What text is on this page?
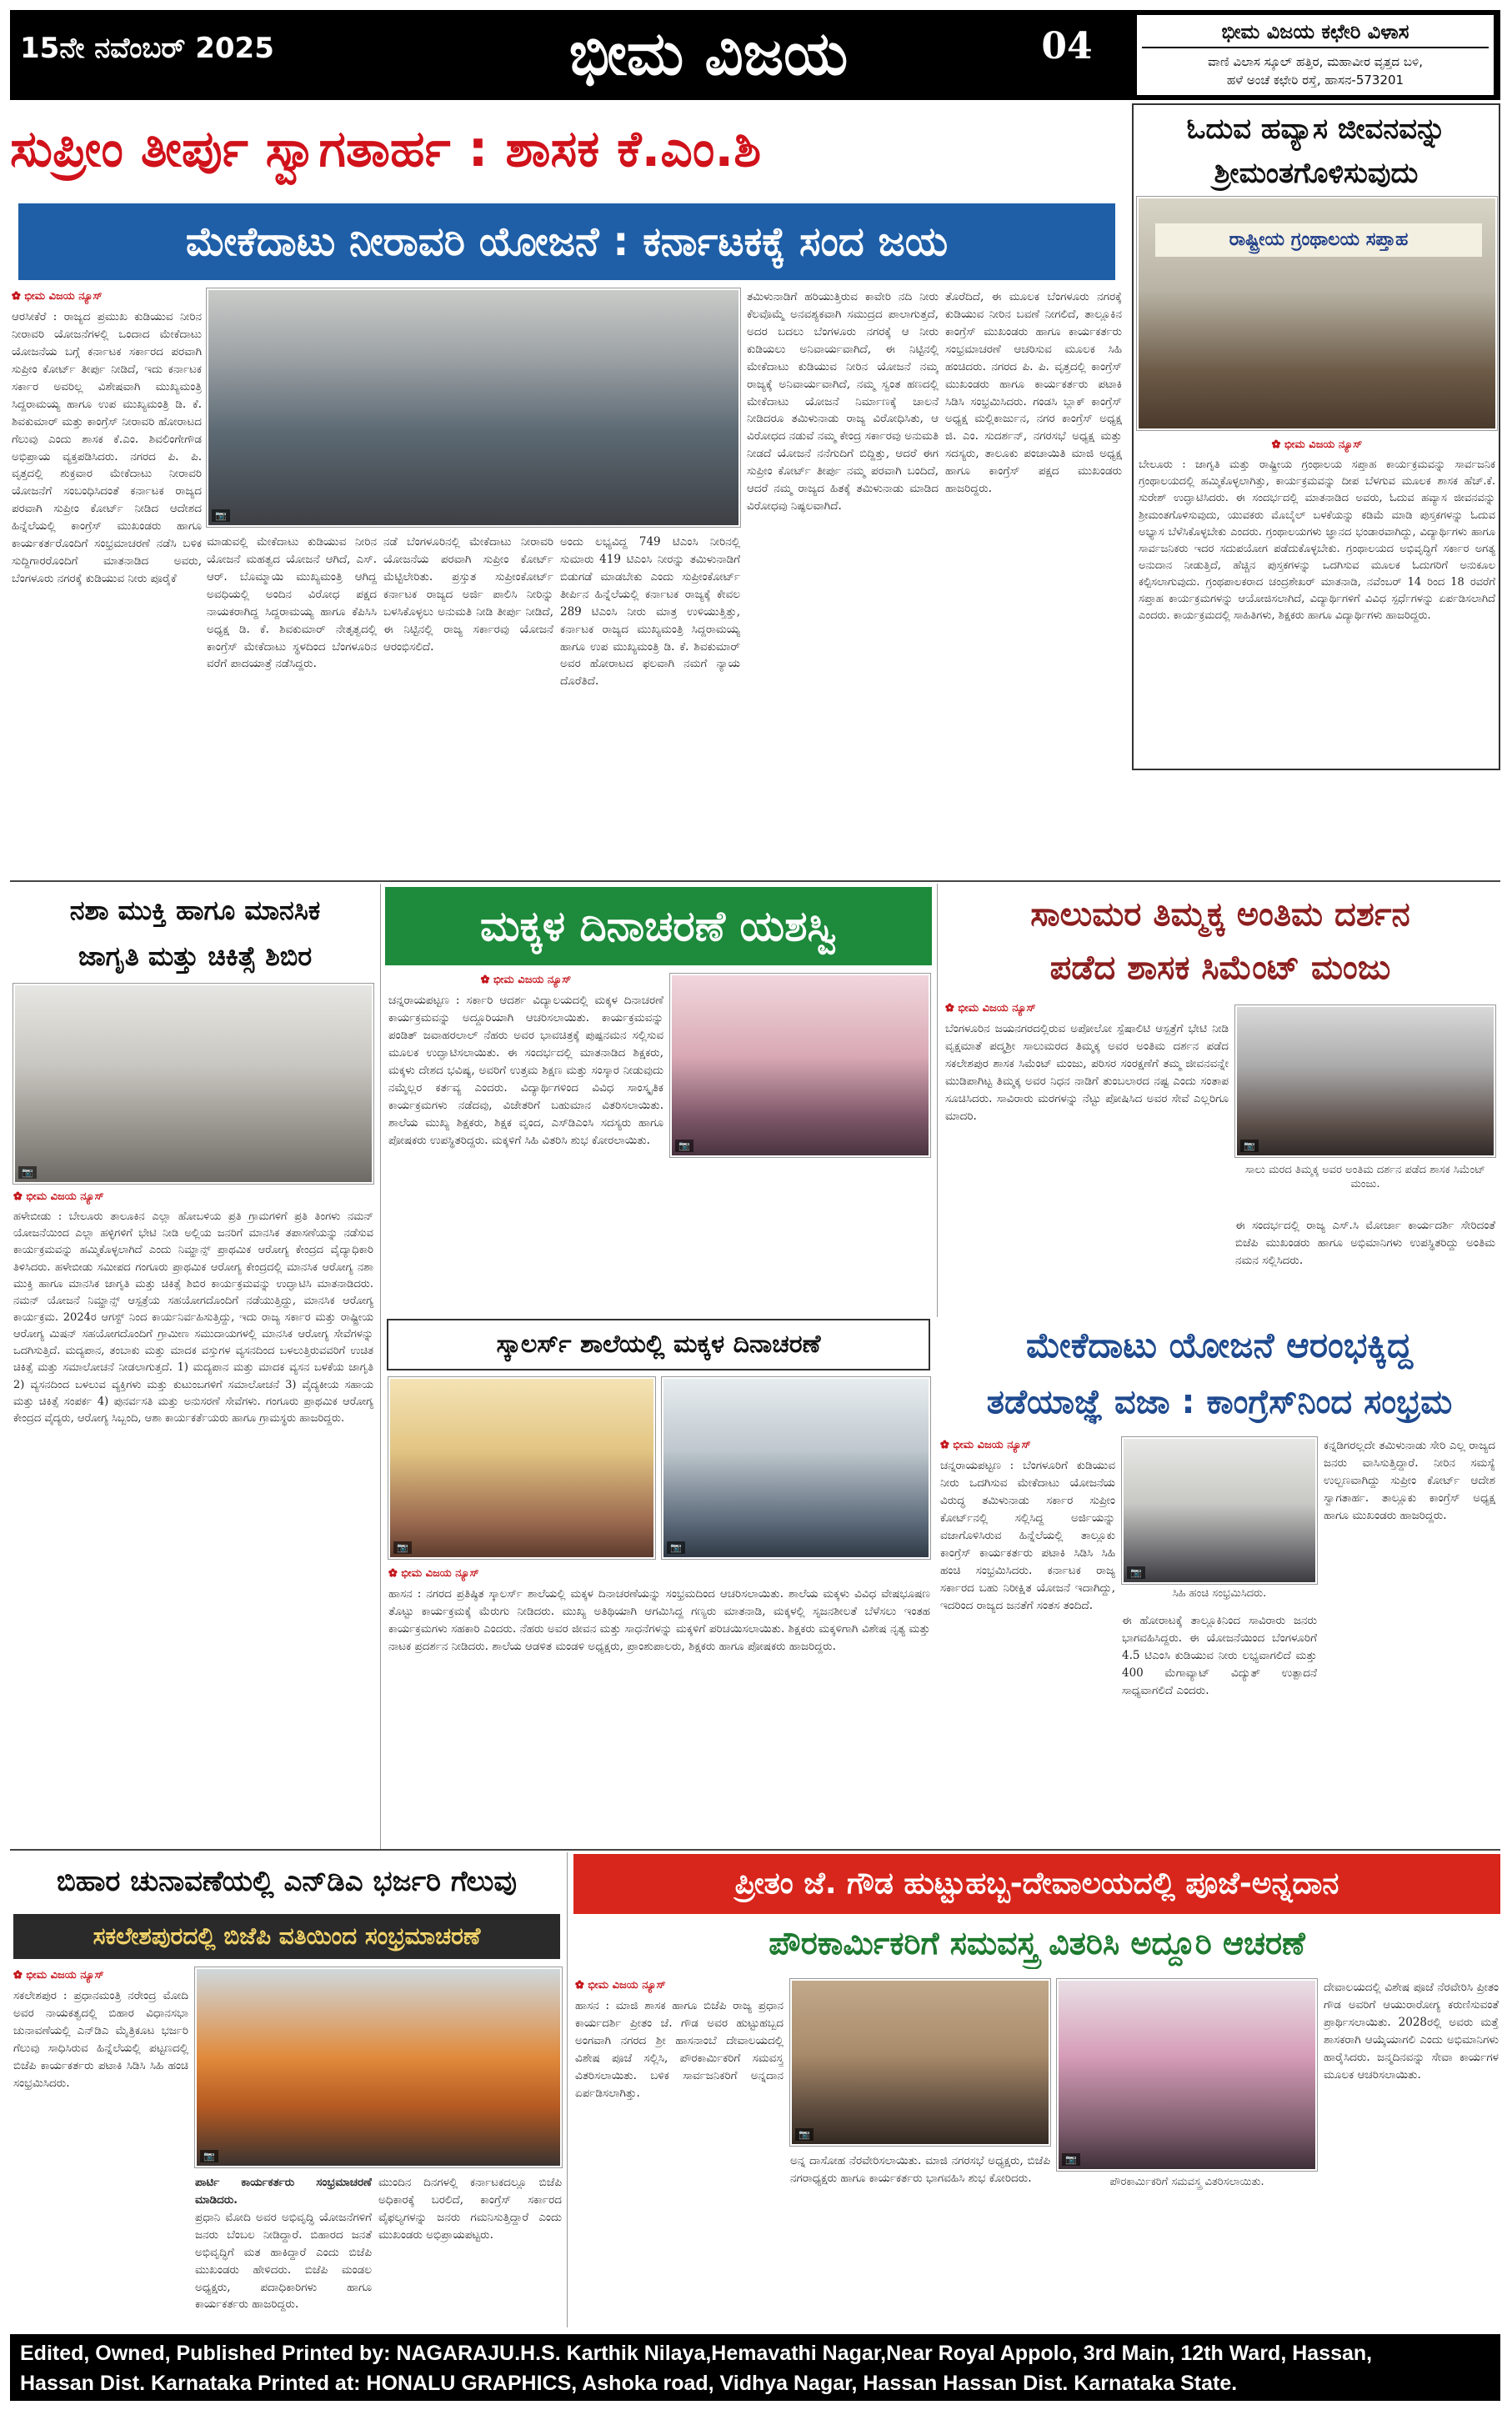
15ನೇ ನವೆಂಬರ್ 2025	ಭೀಮ ವಿಜಯ	04	ಭೀಮ ವಿಜಯ ಕಛೇರಿ ವಿಳಾಸ
ವಾಣಿ ವಿಲಾಸ ಸ್ಕೂಲ್ ಹತ್ತಿರ, ಮಹಾವೀರ ವೃತ್ತದ ಬಳಿ,
ಹಳೆ ಅಂಚೆ ಕಛೇರಿ ರಸ್ತೆ, ಹಾಸನ-573201
ಸುಪ್ರೀಂ ತೀರ್ಪು ಸ್ವಾಗತಾರ್ಹ : ಶಾಸಕ ಕೆ.ಎಂ.ಶಿ
ಮೇಕೆದಾಟು ನೀರಾವರಿ ಯೋಜನೆ : ಕರ್ನಾಟಕಕ್ಕೆ ಸಂದ ಜಯ
✿ ಭೀಮ ವಿಜಯ ನ್ಯೂಸ್
ಆರಸೀಕೆರೆ : ರಾಜ್ಯದ ಪ್ರಮುಖ ಕುಡಿಯುವ ನೀರಿನ ನೀರಾವರಿ ಯೋಜನೆಗಳಲ್ಲಿ ಒಂದಾದ ಮೇಕೆದಾಟು ಯೋಜನೆಯ ಬಗ್ಗೆ ಕರ್ನಾಟಕ ಸರ್ಕಾರದ ಪರವಾಗಿ ಸುಪ್ರೀಂ ಕೋರ್ಟ್ ತೀರ್ಪು ನೀಡಿದೆ, ಇದು ಕರ್ನಾಟಕ ಸರ್ಕಾರ ಅವರಿಲ್ಲ ವಿಶೇಷವಾಗಿ ಮುಖ್ಯಮಂತ್ರಿ ಸಿದ್ದರಾಮಯ್ಯ ಹಾಗೂ ಉಪ ಮುಖ್ಯಮಂತ್ರಿ ಡಿ. ಕೆ. ಶಿವಕುಮಾರ್ ಮತ್ತು ಕಾಂಗ್ರೆಸ್ ನೀರಾವರಿ ಹೋರಾಟದ ಗೆಲುವು ಎಂದು ಶಾಸಕ ಕೆ.ಎಂ. ಶಿವಲಿಂಗೇಗೌಡ ಅಭಿಪ್ರಾಯ ವ್ಯಕ್ತಪಡಿಸಿದರು. ನಗರದ ಪಿ. ಪಿ. ವೃತ್ತದಲ್ಲಿ ಶುಕ್ರವಾರ ಮೇಕೆದಾಟು ನೀರಾವರಿ ಯೋಜನೆಗೆ ಸಂಬಂಧಿಸಿದಂತೆ ಕರ್ನಾಟಕ ರಾಜ್ಯದ ಪರವಾಗಿ ಸುಪ್ರೀಂ ಕೋರ್ಟ್ ನೀಡಿದ ಆದೇಶದ ಹಿನ್ನೆಲೆಯಲ್ಲಿ ಕಾಂಗ್ರೆಸ್ ಮುಖಂಡರು ಹಾಗೂ ಕಾರ್ಯಕರ್ತರೊಂದಿಗೆ ಸಂಭ್ರಮಾಚರಣೆ ನಡೆಸಿ ಬಳಿಕ ಸುದ್ದಿಗಾರರೊಂದಿಗೆ ಮಾತನಾಡಿದ ಅವರು, ಬೆಂಗಳೂರು ನಗರಕ್ಕೆ ಕುಡಿಯುವ ನೀರು ಪೂರೈಕೆ
📷
ತಮಿಳುನಾಡಿಗೆ ಹರಿಯುತ್ತಿರುವ ಕಾವೇರಿ ನದಿ ನೀರು ಕೆಲವೊಮ್ಮೆ ಅನವಶ್ಯಕವಾಗಿ ಸಮುದ್ರದ ಪಾಲಾಗುತ್ತದೆ, ಅದರ ಬದಲು ಬೆಂಗಳೂರು ನಗರಕ್ಕೆ ಆ ನೀರು ಕುಡಿಯಲು ಅನಿವಾರ್ಯವಾಗಿದೆ, ಈ ನಿಟ್ಟಿನಲ್ಲಿ ಮೇಕೆದಾಟು ಕುಡಿಯುವ ನೀರಿನ ಯೋಜನೆ ನಮ್ಮ ರಾಜ್ಯಕ್ಕೆ ಅನಿವಾರ್ಯವಾಗಿದೆ, ನಮ್ಮ ಸ್ವಂತ ಹಣದಲ್ಲಿ ಮೇಕೆದಾಟು ಯೋಜನೆ ನಿರ್ಮಾಣಕ್ಕೆ ಚಾಲನೆ ನೀಡಿದರೂ ತಮಿಳುನಾಡು ರಾಜ್ಯ ವಿರೋಧಿಸಿತು, ಆ ವಿರೋಧದ ನಡುವೆ ನಮ್ಮ ಕೇಂದ್ರ ಸರ್ಕಾರವು ಅನುಮತಿ ನೀಡದೆ ಯೋಜನೆ ನನೆಗುದಿಗೆ ಬಿದ್ದಿತ್ತು, ಆದರೆ ಈಗ ಸುಪ್ರೀಂ ಕೋರ್ಟ್ ತೀರ್ಪು ನಮ್ಮ ಪರವಾಗಿ ಬಂದಿದೆ, ಆದರೆ ನಮ್ಮ ರಾಜ್ಯದ ಹಿತಕ್ಕೆ ತಮಿಳುನಾಡು ಮಾಡಿದ ವಿರೋಧವು ನಿಷ್ಫಲವಾಗಿದೆ.
ತೊರೆದಿದೆ, ಈ ಮೂಲಕ ಬೆಂಗಳೂರು ನಗರಕ್ಕೆ ಕುಡಿಯುವ ನೀರಿನ ಬವಣೆ ನೀಗಲಿದೆ, ತಾಲ್ಲೂಕಿನ ಕಾಂಗ್ರೆಸ್ ಮುಖಂಡರು ಹಾಗೂ ಕಾರ್ಯಕರ್ತರು ಸಂಭ್ರಮಾಚರಣೆ ಆಚರಿಸುವ ಮೂಲಕ ಸಿಹಿ ಹಂಚಿದರು. ನಗರದ ಪಿ. ಪಿ. ವೃತ್ತದಲ್ಲಿ ಕಾಂಗ್ರೆಸ್ ಮುಖಂಡರು ಹಾಗೂ ಕಾರ್ಯಕರ್ತರು ಪಟಾಕಿ ಸಿಡಿಸಿ ಸಂಭ್ರಮಿಸಿದರು. ಗಂಡಸಿ ಬ್ಲಾಕ್ ಕಾಂಗ್ರೆಸ್ ಅಧ್ಯಕ್ಷ ಮಲ್ಲಿಕಾರ್ಜುನ, ನಗರ ಕಾಂಗ್ರೆಸ್ ಅಧ್ಯಕ್ಷ ಜಿ. ಎಂ. ಸುದರ್ಶನ್, ನಗರಸಭೆ ಅಧ್ಯಕ್ಷ ಮತ್ತು ಸದಸ್ಯರು, ತಾಲೂಕು ಪಂಚಾಯಿತಿ ಮಾಜಿ ಅಧ್ಯಕ್ಷ ಹಾಗೂ ಕಾಂಗ್ರೆಸ್ ಪಕ್ಷದ ಮುಖಂಡರು ಹಾಜರಿದ್ದರು.
ಮಾಡುವಲ್ಲಿ ಮೇಕೆದಾಟು ಕುಡಿಯುವ ನೀರಿನ ಯೋಜನೆ ಮಹತ್ವದ ಯೋಜನೆ ಆಗಿದೆ, ಎಸ್. ಆರ್. ಬೊಮ್ಮಾಯಿ ಮುಖ್ಯಮಂತ್ರಿ ಆಗಿದ್ದ ಅವಧಿಯಲ್ಲಿ ಅಂದಿನ ವಿರೋಧ ಪಕ್ಷದ ನಾಯಕರಾಗಿದ್ದ ಸಿದ್ದರಾಮಯ್ಯ ಹಾಗೂ ಕೆಪಿಸಿಸಿ ಅಧ್ಯಕ್ಷ ಡಿ. ಕೆ. ಶಿವಕುಮಾರ್ ನೇತೃತ್ವದಲ್ಲಿ ಕಾಂಗ್ರೆಸ್ ಮೇಕೆದಾಟು ಸ್ಥಳದಿಂದ ಬೆಂಗಳೂರಿನ ವರೆಗೆ ಪಾದಯಾತ್ರೆ ನಡೆಸಿದ್ದರು.
ನಡೆ ಬೆಂಗಳೂರಿನಲ್ಲಿ ಮೇಕೆದಾಟು ನೀರಾವರಿ ಯೋಜನೆಯ ಪರವಾಗಿ ಸುಪ್ರೀಂ ಕೋರ್ಟ್ ಮೆಟ್ಟಿಲೇರಿತು. ಪ್ರಸ್ತುತ ಸುಪ್ರೀಂಕೋರ್ಟ್ ಕರ್ನಾಟಕ ರಾಜ್ಯದ ಅರ್ಜಿ ಪಾಲಿಸಿ ನೀರಿನ್ನು ಬಳಸಿಕೊಳ್ಳಲು ಅನುಮತಿ ನೀಡಿ ತೀರ್ಪು ನೀಡಿದೆ, ಈ ನಿಟ್ಟಿನಲ್ಲಿ ರಾಜ್ಯ ಸರ್ಕಾರವು ಯೋಜನೆ ಆರಂಭಿಸಲಿದೆ.
ಅಂದು ಲಭ್ಯವಿದ್ದ 749 ಟಿಎಂಸಿ ನೀರಿನಲ್ಲಿ ಸುಮಾರು 419 ಟಿಎಂಸಿ ನೀರನ್ನು ತಮಿಳುನಾಡಿಗೆ ಬಿಡುಗಡೆ ಮಾಡಬೇಕು ಎಂದು ಸುಪ್ರೀಂಕೋರ್ಟ್ ತೀರ್ಪಿನ ಹಿನ್ನೆಲೆಯಲ್ಲಿ ಕರ್ನಾಟಕ ರಾಜ್ಯಕ್ಕೆ ಕೇವಲ 289 ಟಿಎಂಸಿ ನೀರು ಮಾತ್ರ ಉಳಿಯುತ್ತಿತ್ತು, ಕರ್ನಾಟಕ ರಾಜ್ಯದ ಮುಖ್ಯಮಂತ್ರಿ ಸಿದ್ದರಾಮಯ್ಯ ಹಾಗೂ ಉಪ ಮುಖ್ಯಮಂತ್ರಿ ಡಿ. ಕೆ. ಶಿವಕುಮಾರ್ ಅವರ ಹೋರಾಟದ ಫಲವಾಗಿ ನಮಗೆ ನ್ಯಾಯ ದೊರೆತಿದೆ.
ಓದುವ ಹವ್ಯಾಸ ಜೀವನವನ್ನು
ಶ್ರೀಮಂತಗೊಳಿಸುವುದು
ರಾಷ್ಟ್ರೀಯ ಗ್ರಂಥಾಲಯ ಸಪ್ತಾಹ
✿ ಭೀಮ ವಿಜಯ ನ್ಯೂಸ್
ಬೇಲೂರು : ಜಾಗೃತಿ ಮತ್ತು ರಾಷ್ಟ್ರೀಯ ಗ್ರಂಥಾಲಯ ಸಪ್ತಾಹ ಕಾರ್ಯಕ್ರಮವನ್ನು ಸಾರ್ವಜನಿಕ ಗ್ರಂಥಾಲಯದಲ್ಲಿ ಹಮ್ಮಿಕೊಳ್ಳಲಾಗಿತ್ತು, ಕಾರ್ಯಕ್ರಮವನ್ನು ದೀಪ ಬೆಳಗುವ ಮೂಲಕ ಶಾಸಕ ಹೆಚ್.ಕೆ. ಸುರೇಶ್ ಉದ್ಘಾಟಿಸಿದರು. ಈ ಸಂದರ್ಭದಲ್ಲಿ ಮಾತನಾಡಿದ ಅವರು, ಓದುವ ಹವ್ಯಾಸ ಜೀವನವನ್ನು ಶ್ರೀಮಂತಗೊಳಿಸುವುದು, ಯುವಕರು ಮೊಬೈಲ್ ಬಳಕೆಯನ್ನು ಕಡಿಮೆ ಮಾಡಿ ಪುಸ್ತಕಗಳನ್ನು ಓದುವ ಅಭ್ಯಾಸ ಬೆಳೆಸಿಕೊಳ್ಳಬೇಕು ಎಂದರು. ಗ್ರಂಥಾಲಯಗಳು ಜ್ಞಾನದ ಭಂಡಾರವಾಗಿದ್ದು, ವಿದ್ಯಾರ್ಥಿಗಳು ಹಾಗೂ ಸಾರ್ವಜನಿಕರು ಇದರ ಸದುಪಯೋಗ ಪಡೆದುಕೊಳ್ಳಬೇಕು. ಗ್ರಂಥಾಲಯದ ಅಭಿವೃದ್ಧಿಗೆ ಸರ್ಕಾರ ಅಗತ್ಯ ಅನುದಾನ ನೀಡುತ್ತಿದೆ, ಹೆಚ್ಚಿನ ಪುಸ್ತಕಗಳನ್ನು ಒದಗಿಸುವ ಮೂಲಕ ಓದುಗರಿಗೆ ಅನುಕೂಲ ಕಲ್ಪಿಸಲಾಗುವುದು. ಗ್ರಂಥಪಾಲಕರಾದ ಚಂದ್ರಶೇಖರ್ ಮಾತನಾಡಿ, ನವೆಂಬರ್ 14 ರಿಂದ 18 ರವರೆಗೆ ಸಪ್ತಾಹ ಕಾರ್ಯಕ್ರಮಗಳನ್ನು ಆಯೋಜಿಸಲಾಗಿದೆ, ವಿದ್ಯಾರ್ಥಿಗಳಿಗೆ ವಿವಿಧ ಸ್ಪರ್ಧೆಗಳನ್ನು ಏರ್ಪಡಿಸಲಾಗಿದೆ ಎಂದರು. ಕಾರ್ಯಕ್ರಮದಲ್ಲಿ ಸಾಹಿತಿಗಳು, ಶಿಕ್ಷಕರು ಹಾಗೂ ವಿದ್ಯಾರ್ಥಿಗಳು ಹಾಜರಿದ್ದರು.
ನಶಾ ಮುಕ್ತಿ ಹಾಗೂ ಮಾನಸಿಕ
ಜಾಗೃತಿ ಮತ್ತು ಚಿಕಿತ್ಸೆ ಶಿಬಿರ
📷
✿ ಭೀಮ ವಿಜಯ ನ್ಯೂಸ್
ಹಳೇಬೀಡು : ಬೇಲೂರು ತಾಲೂಕಿನ ಎಲ್ಲಾ ಹೋಬಳಿಯ ಪ್ರತಿ ಗ್ರಾಮಗಳಿಗೆ ಪ್ರತಿ ತಿಂಗಳು ನಮನ್ ಯೋಜನೆಯಿಂದ ಎಲ್ಲಾ ಹಳ್ಳಿಗಳಿಗೆ ಭೇಟಿ ನೀಡಿ ಅಲ್ಲಿಯ ಜನರಿಗೆ ಮಾನಸಿಕ ತಪಾಸಣೆಯನ್ನು ನಡೆಸುವ ಕಾರ್ಯಕ್ರಮವನ್ನು ಹಮ್ಮಿಕೊಳ್ಳಲಾಗಿದೆ ಎಂದು ನಿಮ್ಹಾನ್ಸ್ ಪ್ರಾಥಮಿಕ ಆರೋಗ್ಯ ಕೇಂದ್ರದ ವೈದ್ಯಾಧಿಕಾರಿ ತಿಳಿಸಿದರು. ಹಳೇಬೀಡು ಸಮೀಪದ ಗಂಗೂರು ಪ್ರಾಥಮಿಕ ಆರೋಗ್ಯ ಕೇಂದ್ರದಲ್ಲಿ ಮಾನಸಿಕ ಆರೋಗ್ಯ ನಶಾ ಮುಕ್ತಿ ಹಾಗೂ ಮಾನಸಿಕ ಜಾಗೃತಿ ಮತ್ತು ಚಿಕಿತ್ಸೆ ಶಿಬಿರ ಕಾರ್ಯಕ್ರಮವನ್ನು ಉದ್ಘಾಟಿಸಿ ಮಾತನಾಡಿದರು. ನಮನ್ ಯೋಜನೆ ನಿಮ್ಹಾನ್ಸ್ ಆಸ್ಪತ್ರೆಯ ಸಹಯೋಗದೊಂದಿಗೆ ನಡೆಯುತ್ತಿದ್ದು, ಮಾನಸಿಕ ಆರೋಗ್ಯ ಕಾರ್ಯಕ್ರಮ. 2024ರ ಆಗಸ್ಟ್ ನಿಂದ ಕಾರ್ಯನಿರ್ವಹಿಸುತ್ತಿದ್ದು, ಇದು ರಾಜ್ಯ ಸರ್ಕಾರ ಮತ್ತು ರಾಷ್ಟ್ರೀಯ ಆರೋಗ್ಯ ಮಿಷನ್ ಸಹಯೋಗದೊಂದಿಗೆ ಗ್ರಾಮೀಣ ಸಮುದಾಯಗಳಲ್ಲಿ ಮಾನಸಿಕ ಆರೋಗ್ಯ ಸೇವೆಗಳನ್ನು ಒದಗಿಸುತ್ತಿದೆ. ಮದ್ಯಪಾನ, ತಂಬಾಕು ಮತ್ತು ಮಾದಕ ವಸ್ತುಗಳ ವ್ಯಸನದಿಂದ ಬಳಲುತ್ತಿರುವವರಿಗೆ ಉಚಿತ ಚಿಕಿತ್ಸೆ ಮತ್ತು ಸಮಾಲೋಚನೆ ನೀಡಲಾಗುತ್ತದೆ. 1) ಮದ್ಯಪಾನ ಮತ್ತು ಮಾದಕ ವ್ಯಸನ ಬಳಕೆಯ ಜಾಗೃತಿ 2) ವ್ಯಸನದಿಂದ ಬಳಲುವ ವ್ಯಕ್ತಿಗಳು ಮತ್ತು ಕುಟುಂಬಗಳಿಗೆ ಸಮಾಲೋಚನೆ 3) ವೈದ್ಯಕೀಯ ಸಹಾಯ ಮತ್ತು ಚಿಕಿತ್ಸೆ ಸಂಪರ್ಕ 4) ಪುನರ್ವಸತಿ ಮತ್ತು ಅನುಸರಣೆ ಸೇವೆಗಳು. ಗಂಗೂರು ಪ್ರಾಥಮಿಕ ಆರೋಗ್ಯ ಕೇಂದ್ರದ ವೈದ್ಯರು, ಆರೋಗ್ಯ ಸಿಬ್ಬಂದಿ, ಆಶಾ ಕಾರ್ಯಕರ್ತೆಯರು ಹಾಗೂ ಗ್ರಾಮಸ್ಥರು ಹಾಜರಿದ್ದರು.
ಮಕ್ಕಳ ದಿನಾಚರಣೆ ಯಶಸ್ವಿ
✿ ಭೀಮ ವಿಜಯ ನ್ಯೂಸ್
ಚನ್ನರಾಯಪಟ್ಟಣ : ಸರ್ಕಾರಿ ಆದರ್ಶ ವಿದ್ಯಾಲಯದಲ್ಲಿ ಮಕ್ಕಳ ದಿನಾಚರಣೆ ಕಾರ್ಯಕ್ರಮವನ್ನು ಅದ್ದೂರಿಯಾಗಿ ಆಚರಿಸಲಾಯಿತು. ಕಾರ್ಯಕ್ರಮವನ್ನು ಪಂಡಿತ್ ಜವಾಹರಲಾಲ್ ನೆಹರು ಅವರ ಭಾವಚಿತ್ರಕ್ಕೆ ಪುಷ್ಪನಮನ ಸಲ್ಲಿಸುವ ಮೂಲಕ ಉದ್ಘಾಟಿಸಲಾಯಿತು. ಈ ಸಂದರ್ಭದಲ್ಲಿ ಮಾತನಾಡಿದ ಶಿಕ್ಷಕರು, ಮಕ್ಕಳು ದೇಶದ ಭವಿಷ್ಯ, ಅವರಿಗೆ ಉತ್ತಮ ಶಿಕ್ಷಣ ಮತ್ತು ಸಂಸ್ಕಾರ ನೀಡುವುದು ನಮ್ಮೆಲ್ಲರ ಕರ್ತವ್ಯ ಎಂದರು. ವಿದ್ಯಾರ್ಥಿಗಳಿಂದ ವಿವಿಧ ಸಾಂಸ್ಕೃತಿಕ ಕಾರ್ಯಕ್ರಮಗಳು ನಡೆದವು, ವಿಜೇತರಿಗೆ ಬಹುಮಾನ ವಿತರಿಸಲಾಯಿತು. ಶಾಲೆಯ ಮುಖ್ಯ ಶಿಕ್ಷಕರು, ಶಿಕ್ಷಕ ವೃಂದ, ಎಸ್‌ಡಿಎಂಸಿ ಸದಸ್ಯರು ಹಾಗೂ ಪೋಷಕರು ಉಪಸ್ಥಿತರಿದ್ದರು. ಮಕ್ಕಳಿಗೆ ಸಿಹಿ ವಿತರಿಸಿ ಶುಭ ಕೋರಲಾಯಿತು.	📷
ಸ್ಕಾಲರ್ಸ್ ಶಾಲೆಯಲ್ಲಿ ಮಕ್ಕಳ ದಿನಾಚರಣೆ
📷	📷
✿ ಭೀಮ ವಿಜಯ ನ್ಯೂಸ್
ಹಾಸನ : ನಗರದ ಪ್ರತಿಷ್ಠಿತ ಸ್ಕಾಲರ್ಸ್ ಶಾಲೆಯಲ್ಲಿ ಮಕ್ಕಳ ದಿನಾಚರಣೆಯನ್ನು ಸಂಭ್ರಮದಿಂದ ಆಚರಿಸಲಾಯಿತು. ಶಾಲೆಯ ಮಕ್ಕಳು ವಿವಿಧ ವೇಷಭೂಷಣ ತೊಟ್ಟು ಕಾರ್ಯಕ್ರಮಕ್ಕೆ ಮೆರುಗು ನೀಡಿದರು. ಮುಖ್ಯ ಅತಿಥಿಯಾಗಿ ಆಗಮಿಸಿದ್ದ ಗಣ್ಯರು ಮಾತನಾಡಿ, ಮಕ್ಕಳಲ್ಲಿ ಸೃಜನಶೀಲತೆ ಬೆಳೆಸಲು ಇಂತಹ ಕಾರ್ಯಕ್ರಮಗಳು ಸಹಕಾರಿ ಎಂದರು. ನೆಹರು ಅವರ ಜೀವನ ಮತ್ತು ಸಾಧನೆಗಳನ್ನು ಮಕ್ಕಳಿಗೆ ಪರಿಚಯಿಸಲಾಯಿತು. ಶಿಕ್ಷಕರು ಮಕ್ಕಳಿಗಾಗಿ ವಿಶೇಷ ನೃತ್ಯ ಮತ್ತು ನಾಟಕ ಪ್ರದರ್ಶನ ನೀಡಿದರು. ಶಾಲೆಯ ಆಡಳಿತ ಮಂಡಳಿ ಅಧ್ಯಕ್ಷರು, ಪ್ರಾಂಶುಪಾಲರು, ಶಿಕ್ಷಕರು ಹಾಗೂ ಪೋಷಕರು ಹಾಜರಿದ್ದರು.
ಸಾಲುಮರ ತಿಮ್ಮಕ್ಕ ಅಂತಿಮ ದರ್ಶನ
ಪಡೆದ ಶಾಸಕ ಸಿಮೆಂಟ್ ಮಂಜು
✿ ಭೀಮ ವಿಜಯ ನ್ಯೂಸ್
ಬೆಂಗಳೂರಿನ ಜಯನಗರದಲ್ಲಿರುವ ಅಪೋಲೋ ಸ್ಪೆಷಾಲಿಟಿ ಆಸ್ಪತ್ರೆಗೆ ಭೇಟಿ ನೀಡಿ ವೃಕ್ಷಮಾತೆ ಪದ್ಮಶ್ರೀ ಸಾಲುಮರದ ತಿಮ್ಮಕ್ಕ ಅವರ ಅಂತಿಮ ದರ್ಶನ ಪಡೆದ ಸಕಲೇಶಪುರ ಶಾಸಕ ಸಿಮೆಂಟ್ ಮಂಜು, ಪರಿಸರ ಸಂರಕ್ಷಣೆಗೆ ತಮ್ಮ ಜೀವನವನ್ನೇ ಮುಡಿಪಾಗಿಟ್ಟ ತಿಮ್ಮಕ್ಕ ಅವರ ನಿಧನ ನಾಡಿಗೆ ತುಂಬಲಾರದ ನಷ್ಟ ಎಂದು ಸಂತಾಪ ಸೂಚಿಸಿದರು. ಸಾವಿರಾರು ಮರಗಳನ್ನು ನೆಟ್ಟು ಪೋಷಿಸಿದ ಅವರ ಸೇವೆ ಎಲ್ಲರಿಗೂ ಮಾದರಿ.
📷
ಸಾಲು ಮರದ ತಿಮ್ಮಕ್ಕ ಅವರ ಅಂತಿಮ ದರ್ಶನ ಪಡೆದ ಶಾಸಕ ಸಿಮೆಂಟ್ ಮಂಜು.
ಈ ಸಂದರ್ಭದಲ್ಲಿ ರಾಜ್ಯ ಎಸ್.ಸಿ ಮೋರ್ಚಾ ಕಾರ್ಯದರ್ಶಿ ಸೇರಿದಂತೆ ಬಿಜೆಪಿ ಮುಖಂಡರು ಹಾಗೂ ಅಭಿಮಾನಿಗಳು ಉಪಸ್ಥಿತರಿದ್ದು ಅಂತಿಮ ನಮನ ಸಲ್ಲಿಸಿದರು.
ಮೇಕೆದಾಟು ಯೋಜನೆ ಆರಂಭಕ್ಕಿದ್ದ
ತಡೆಯಾಜ್ಞೆ ವಜಾ : ಕಾಂಗ್ರೆಸ್‌ನಿಂದ ಸಂಭ್ರಮ
✿ ಭೀಮ ವಿಜಯ ನ್ಯೂಸ್
ಚನ್ನರಾಯಪಟ್ಟಣ : ಬೆಂಗಳೂರಿಗೆ ಕುಡಿಯುವ ನೀರು ಒದಗಿಸುವ ಮೇಕೆದಾಟು ಯೋಜನೆಯ ವಿರುದ್ಧ ತಮಿಳುನಾಡು ಸರ್ಕಾರ ಸುಪ್ರೀಂ ಕೋರ್ಟ್‌ನಲ್ಲಿ ಸಲ್ಲಿಸಿದ್ದ ಅರ್ಜಿಯನ್ನು ವಜಾಗೊಳಿಸಿರುವ ಹಿನ್ನೆಲೆಯಲ್ಲಿ ತಾಲ್ಲೂಕು ಕಾಂಗ್ರೆಸ್ ಕಾರ್ಯಕರ್ತರು ಪಟಾಕಿ ಸಿಡಿಸಿ ಸಿಹಿ ಹಂಚಿ ಸಂಭ್ರಮಿಸಿದರು. ಕರ್ನಾಟಕ ರಾಜ್ಯ ಸರ್ಕಾರದ ಬಹು ನಿರೀಕ್ಷಿತ ಯೋಜನೆ ಇದಾಗಿದ್ದು, ಇದರಿಂದ ರಾಜ್ಯದ ಜನತೆಗೆ ಸಂತಸ ತಂದಿದೆ.
📷
ಸಿಹಿ ಹಂಚಿ ಸಂಭ್ರಮಿಸಿದರು.
ಈ ಹೋರಾಟಕ್ಕೆ ತಾಲ್ಲೂಕಿನಿಂದ ಸಾವಿರಾರು ಜನರು ಭಾಗವಹಿಸಿದ್ದರು. ಈ ಯೋಜನೆಯಿಂದ ಬೆಂಗಳೂರಿಗೆ 4.5 ಟಿಎಂಸಿ ಕುಡಿಯುವ ನೀರು ಲಭ್ಯವಾಗಲಿದೆ ಮತ್ತು 400 ಮೆಗಾವ್ಯಾಟ್ ವಿದ್ಯುತ್ ಉತ್ಪಾದನೆ ಸಾಧ್ಯವಾಗಲಿದೆ ಎಂದರು.
ಕನ್ನಡಿಗರಲ್ಲದೇ ತಮಿಳುನಾಡು ಸೇರಿ ಎಲ್ಲ ರಾಜ್ಯದ ಜನರು ವಾಸಿಸುತ್ತಿದ್ದಾರೆ. ನೀರಿನ ಸಮಸ್ಯೆ ಉಲ್ಬಣವಾಗಿದ್ದು ಸುಪ್ರೀಂ ಕೋರ್ಟ್ ಆದೇಶ ಸ್ವಾಗತಾರ್ಹ. ತಾಲ್ಲೂಕು ಕಾಂಗ್ರೆಸ್ ಅಧ್ಯಕ್ಷ ಹಾಗೂ ಮುಖಂಡರು ಹಾಜರಿದ್ದರು.
ಬಿಹಾರ ಚುನಾವಣೆಯಲ್ಲಿ ಎನ್‌ಡಿಎ ಭರ್ಜರಿ ಗೆಲುವು
ಸಕಲೇಶಪುರದಲ್ಲಿ ಬಿಜೆಪಿ ವತಿಯಿಂದ ಸಂಭ್ರಮಾಚರಣೆ
✿ ಭೀಮ ವಿಜಯ ನ್ಯೂಸ್
ಸಕಲೇಶಪುರ : ಪ್ರಧಾನಮಂತ್ರಿ ನರೇಂದ್ರ ಮೋದಿ ಅವರ ನಾಯಕತ್ವದಲ್ಲಿ ಬಿಹಾರ ವಿಧಾನಸಭಾ ಚುನಾವಣೆಯಲ್ಲಿ ಎನ್‌ಡಿಎ ಮೈತ್ರಿಕೂಟ ಭರ್ಜರಿ ಗೆಲುವು ಸಾಧಿಸಿರುವ ಹಿನ್ನೆಲೆಯಲ್ಲಿ ಪಟ್ಟಣದಲ್ಲಿ ಬಿಜೆಪಿ ಕಾರ್ಯಕರ್ತರು ಪಟಾಕಿ ಸಿಡಿಸಿ ಸಿಹಿ ಹಂಚಿ ಸಂಭ್ರಮಿಸಿದರು.
📷
ಪಾರ್ಟಿ ಕಾರ್ಯಕರ್ತರು ಸಂಭ್ರಮಾಚರಣೆ ಮಾಡಿದರು.
ಪ್ರಧಾನಿ ಮೋದಿ ಅವರ ಅಭಿವೃದ್ಧಿ ಯೋಜನೆಗಳಿಗೆ ಜನರು ಬೆಂಬಲ ನೀಡಿದ್ದಾರೆ. ಬಿಹಾರದ ಜನತೆ ಅಭಿವೃದ್ಧಿಗೆ ಮತ ಹಾಕಿದ್ದಾರೆ ಎಂದು ಬಿಜೆಪಿ ಮುಖಂಡರು ಹೇಳಿದರು. ಬಿಜೆಪಿ ಮಂಡಲ ಅಧ್ಯಕ್ಷರು, ಪದಾಧಿಕಾರಿಗಳು ಹಾಗೂ ಕಾರ್ಯಕರ್ತರು ಹಾಜರಿದ್ದರು.
ಮುಂದಿನ ದಿನಗಳಲ್ಲಿ ಕರ್ನಾಟಕದಲ್ಲೂ ಬಿಜೆಪಿ ಅಧಿಕಾರಕ್ಕೆ ಬರಲಿದೆ, ಕಾಂಗ್ರೆಸ್ ಸರ್ಕಾರದ ವೈಫಲ್ಯಗಳನ್ನು ಜನರು ಗಮನಿಸುತ್ತಿದ್ದಾರೆ ಎಂದು ಮುಖಂಡರು ಅಭಿಪ್ರಾಯಪಟ್ಟರು.
ಪ್ರೀತಂ ಜೆ. ಗೌಡ ಹುಟ್ಟುಹಬ್ಬ-ದೇವಾಲಯದಲ್ಲಿ ಪೂಜೆ-ಅನ್ನದಾನ
ಪೌರಕಾರ್ಮಿಕರಿಗೆ ಸಮವಸ್ತ್ರ ವಿತರಿಸಿ ಅದ್ದೂರಿ ಆಚರಣೆ
✿ ಭೀಮ ವಿಜಯ ನ್ಯೂಸ್
ಹಾಸನ : ಮಾಜಿ ಶಾಸಕ ಹಾಗೂ ಬಿಜೆಪಿ ರಾಜ್ಯ ಪ್ರಧಾನ ಕಾರ್ಯದರ್ಶಿ ಪ್ರೀತಂ ಜೆ. ಗೌಡ ಅವರ ಹುಟ್ಟುಹಬ್ಬದ ಅಂಗವಾಗಿ ನಗರದ ಶ್ರೀ ಹಾಸನಾಂಬೆ ದೇವಾಲಯದಲ್ಲಿ ವಿಶೇಷ ಪೂಜೆ ಸಲ್ಲಿಸಿ, ಪೌರಕಾರ್ಮಿಕರಿಗೆ ಸಮವಸ್ತ್ರ ವಿತರಿಸಲಾಯಿತು. ಬಳಿಕ ಸಾರ್ವಜನಿಕರಿಗೆ ಅನ್ನದಾನ ಏರ್ಪಡಿಸಲಾಗಿತ್ತು.
📷
ಅನ್ನ ದಾಸೋಹ ನೆರವೇರಿಸಲಾಯಿತು. ಮಾಜಿ ನಗರಸಭೆ ಅಧ್ಯಕ್ಷರು, ಬಿಜೆಪಿ ನಗರಾಧ್ಯಕ್ಷರು ಹಾಗೂ ಕಾರ್ಯಕರ್ತರು ಭಾಗವಹಿಸಿ ಶುಭ ಕೋರಿದರು.
📷
ಪೌರಕಾರ್ಮಿಕರಿಗೆ ಸಮವಸ್ತ್ರ ವಿತರಿಸಲಾಯಿತು.
ದೇವಾಲಯದಲ್ಲಿ ವಿಶೇಷ ಪೂಜೆ ನೆರವೇರಿಸಿ ಪ್ರೀತಂ ಗೌಡ ಅವರಿಗೆ ಆಯುರಾರೋಗ್ಯ ಕರುಣಿಸುವಂತೆ ಪ್ರಾರ್ಥಿಸಲಾಯಿತು. 2028ರಲ್ಲಿ ಅವರು ಮತ್ತೆ ಶಾಸಕರಾಗಿ ಆಯ್ಕೆಯಾಗಲಿ ಎಂದು ಅಭಿಮಾನಿಗಳು ಹಾರೈಸಿದರು. ಜನ್ಮದಿನವನ್ನು ಸೇವಾ ಕಾರ್ಯಗಳ ಮೂಲಕ ಆಚರಿಸಲಾಯಿತು.
Edited, Owned, Published Printed by: NAGARAJU.H.S. Karthik Nilaya,Hemavathi Nagar,Near Royal Appolo, 3rd Main, 12th Ward, Hassan,
Hassan Dist. Karnataka Printed at: HONALU GRAPHICS, Ashoka road, Vidhya Nagar, Hassan Hassan Dist. Karnataka State.
